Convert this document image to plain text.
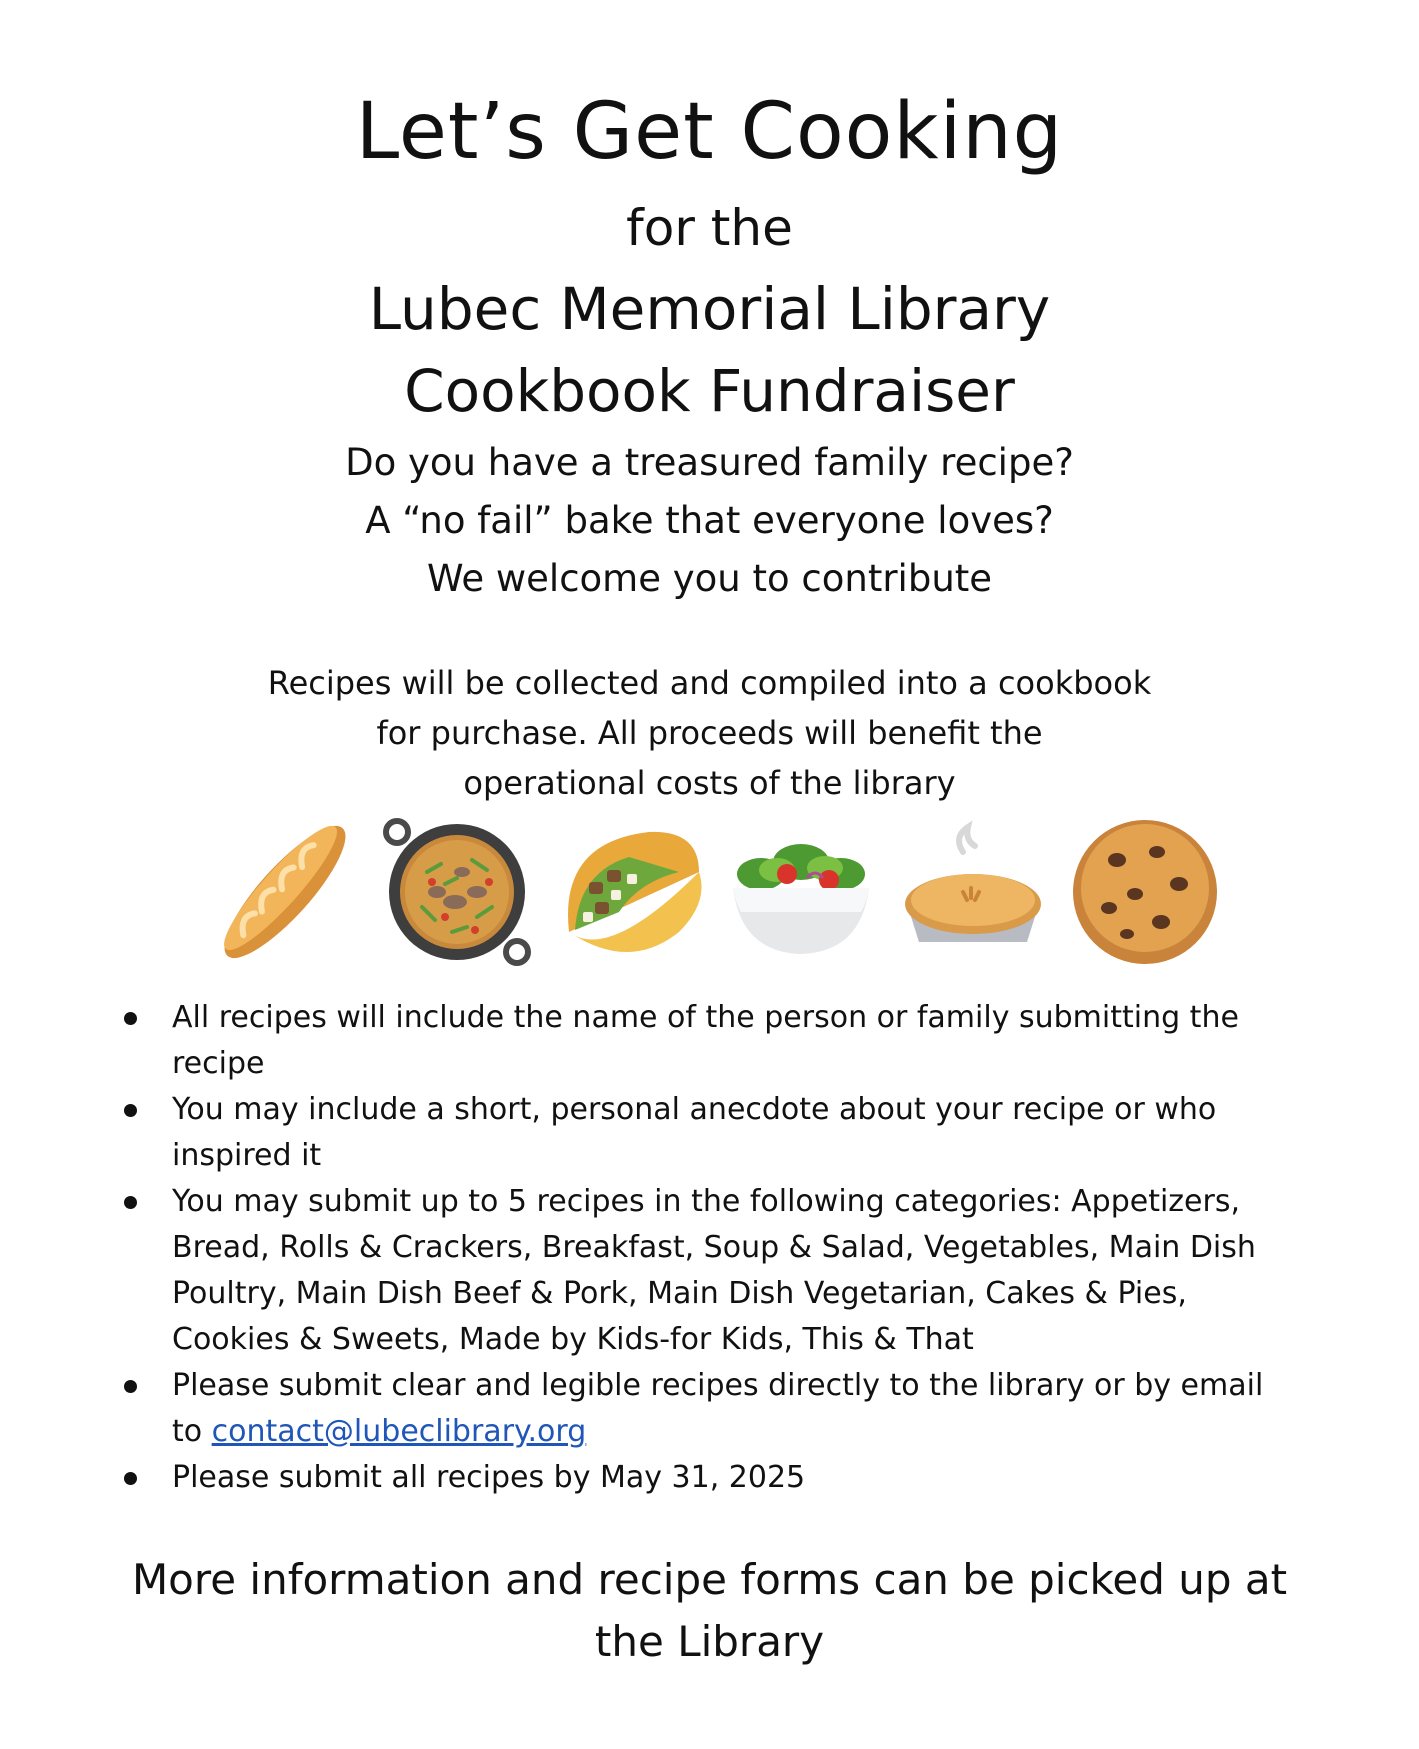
Let’s Get Cooking
for the
Lubec Memorial Library
Cookbook Fundraiser
Do you have a treasured family recipe?
A “no fail” bake that everyone loves?
We welcome you to contribute
Recipes will be collected and compiled into a cookbook
for purchase. All proceeds will benefit the
operational costs of the library
All recipes will include the name of the person or family submitting the
recipe
You may include a short, personal anecdote about your recipe or who
inspired it
You may submit up to 5 recipes in the following categories: Appetizers,
Bread, Rolls & Crackers, Breakfast, Soup & Salad, Vegetables, Main Dish
Poultry, Main Dish Beef & Pork, Main Dish Vegetarian, Cakes & Pies,
Cookies & Sweets, Made by Kids-for Kids, This & That
Please submit clear and legible recipes directly to the library or by email
to contact@lubeclibrary.org
Please submit all recipes by May 31, 2025
More information and recipe forms can be picked up at
the Library
